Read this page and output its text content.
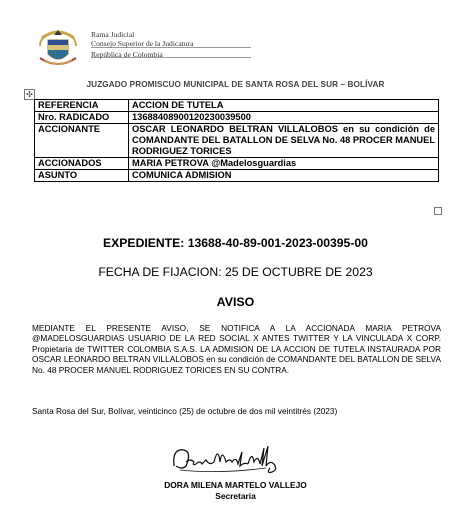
Rama Judicial
Consejo Superior de la Judicatura
República de Colombia
JUZGADO PROMISCUO MUNICIPAL DE SANTA ROSA DEL SUR – BOLÍVAR
✣
REFERENCIA	ACCION DE TUTELA
Nro. RADICADO	13688408900120230039500
ACCIONANTE	OSCAR LEONARDO BELTRAN VILLALOBOS en su condición de COMANDANTE DEL BATALLON DE SELVA No. 48 PROCER MANUEL RODRIGUEZ TORICES
ACCIONADOS	MARIA PETROVA @Madelosguardias
ASUNTO	COMUNICA ADMISION
EXPEDIENTE: 13688-40-89-001-2023-00395-00
FECHA DE FIJACION: 25 DE OCTUBRE DE 2023
AVISO
MEDIANTE EL PRESENTE AVISO, SE NOTIFICA A LA ACCIONADA MARIA PETROVA @MADELOSGUARDIAS USUARIO DE LA RED SOCIAL X ANTES TWITTER Y LA VINCULADA X CORP. Propietaria de TWITTER COLOMBIA S.A.S. LA ADMISION DE LA ACCION DE TUTELA INSTAURADA POR OSCAR LEONARDO BELTRAN VILLALOBOS en su condición de COMANDANTE DEL BATALLON DE SELVA No. 48 PROCER MANUEL RODRIGUEZ TORICES EN SU CONTRA.
Santa Rosa del Sur, Bolívar, veinticinco (25) de octubre de dos mil veintitrés (2023)
DORA MILENA MARTELO VALLEJO
Secretaria
